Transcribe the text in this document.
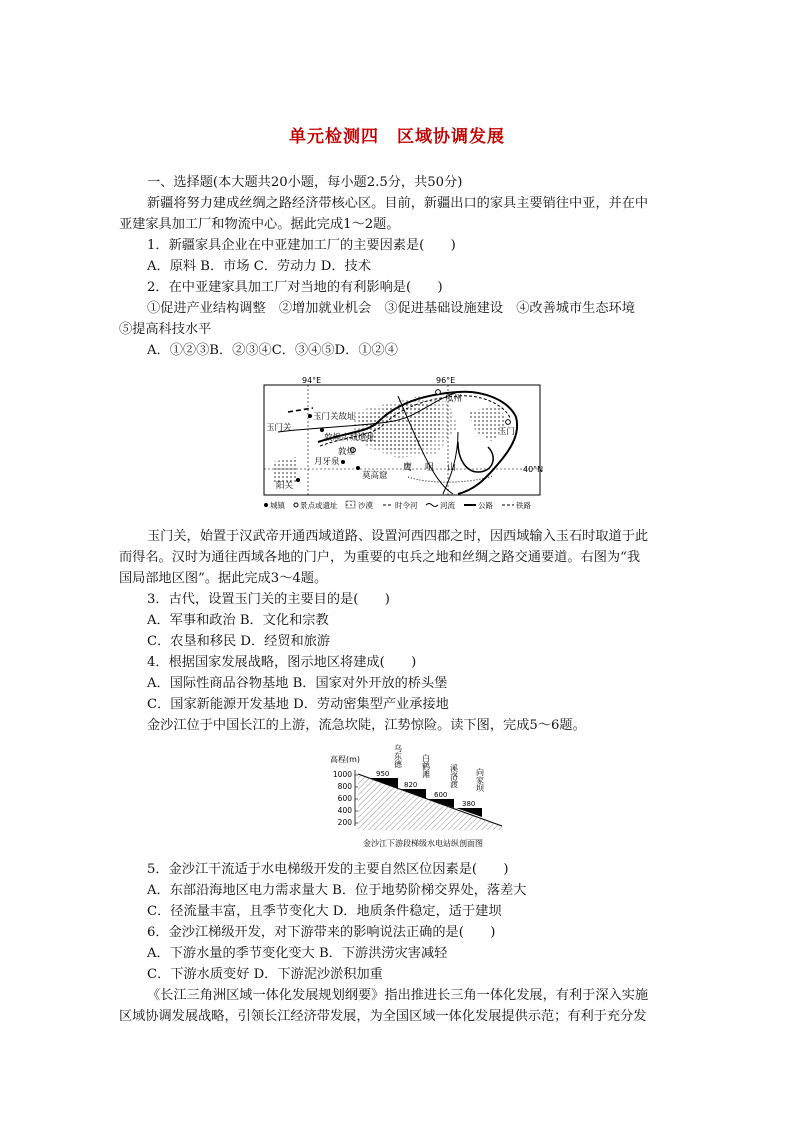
单元检测四　区域协调发展
一、选择题(本大题共20小题，每小题2.5分，共50分)
新疆将努力建成丝绸之路经济带核心区。目前，新疆出口的家具主要销往中亚，并在中
亚建家具加工厂和物流中心。据此完成1～2题。
1．新疆家具企业在中亚建加工厂的主要因素是(　　)
A．原料 B．市场 C．劳动力 D．技术
2．在中亚建家具加工厂对当地的有利影响是(　　)
①促进产业结构调整　②增加就业机会　③促进基础设施建设　④改善城市生态环境
⑤提高科技水平
A．①②③B．②③④C．③④⑤D．①②④
94°E	96°E
40°N
玉门关
玉门关故址
敦煌古城遗址
瓜州
玉门
敦煌
月牙泉
莫高窟
阳关
鹰　咀　山
城镇 景点或遗址	沙漠	时令河	河流	公路	铁路
玉门关，始置于汉武帝开通西域道路、设置河西四郡之时，因西域输入玉石时取道于此
而得名。汉时为通往西域各地的门户，为重要的屯兵之地和丝绸之路交通要道。右图为“我
国局部地区图”。据此完成3～4题。
3．古代，设置玉门关的主要目的是(　　)
A．军事和政治 B．文化和宗教
C．农垦和移民 D．经贸和旅游
4．根据国家发展战略，图示地区将建成(　　)
A．国际性商品谷物基地 B．国家对外开放的桥头堡
C．国家新能源开发基地 D．劳动密集型产业承接地
金沙江位于中国长江的上游，流急坎陡，江势惊险。读下图，完成5～6题。
高程(m)
1000
800
600
400
200
950
820
600
380
乌东德 白鹤滩 溪洛渡 向家坝
金沙江下游段梯级水电站纵剖面图
5．金沙江干流适于水电梯级开发的主要自然区位因素是(　　)
A．东部沿海地区电力需求量大 B．位于地势阶梯交界处，落差大
C．径流量丰富，且季节变化大 D．地质条件稳定，适于建坝
6．金沙江梯级开发，对下游带来的影响说法正确的是(　　)
A．下游水量的季节变化变大 B．下游洪涝灾害减轻
C．下游水质变好 D．下游泥沙淤积加重
《长江三角洲区域一体化发展规划纲要》指出推进长三角一体化发展，有利于深入实施
区域协调发展战略，引领长江经济带发展，为全国区域一体化发展提供示范；有利于充分发
